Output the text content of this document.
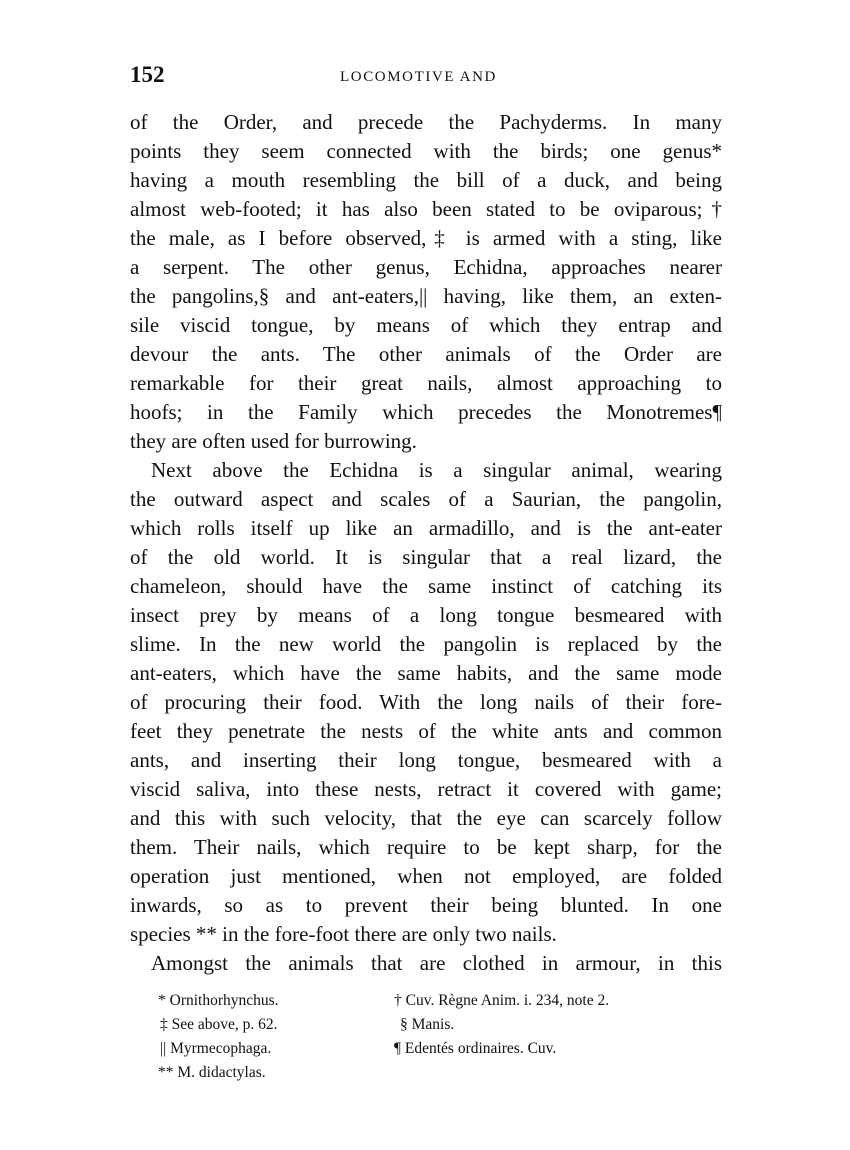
152	LOCOMOTIVE AND
of the Order, and precede the Pachyderms. In many
points they seem connected with the birds; one genus*
having a mouth resembling the bill of a duck, and being
almost web-footed; it has also been stated to be oviparous;†
the male, as I before observed,‡ is armed with a sting, like
a serpent. The other genus, Echidna, approaches nearer
the pangolins,§ and ant-eaters,|| having, like them, an exten-
sile viscid tongue, by means of which they entrap and
devour the ants. The other animals of the Order are
remarkable for their great nails, almost approaching to
hoofs; in the Family which precedes the Monotremes¶
they are often used for burrowing.
Next above the Echidna is a singular animal, wearing
the outward aspect and scales of a Saurian, the pangolin,
which rolls itself up like an armadillo, and is the ant-eater
of the old world. It is singular that a real lizard, the
chameleon, should have the same instinct of catching its
insect prey by means of a long tongue besmeared with
slime. In the new world the pangolin is replaced by the
ant-eaters, which have the same habits, and the same mode
of procuring their food. With the long nails of their fore-
feet they penetrate the nests of the white ants and common
ants, and inserting their long tongue, besmeared with a
viscid saliva, into these nests, retract it covered with game;
and this with such velocity, that the eye can scarcely follow
them. Their nails, which require to be kept sharp, for the
operation just mentioned, when not employed, are folded
inwards, so as to prevent their being blunted. In one
species ** in the fore-foot there are only two nails.
Amongst the animals that are clothed in armour, in this
* Ornithorhynchus.
‡ See above, p. 62.
|| Myrmecophaga.
** M. didactylas.
† Cuv. Règne Anim. i. 234, note 2.
§ Manis.
¶ Edentés ordinaires. Cuv.
